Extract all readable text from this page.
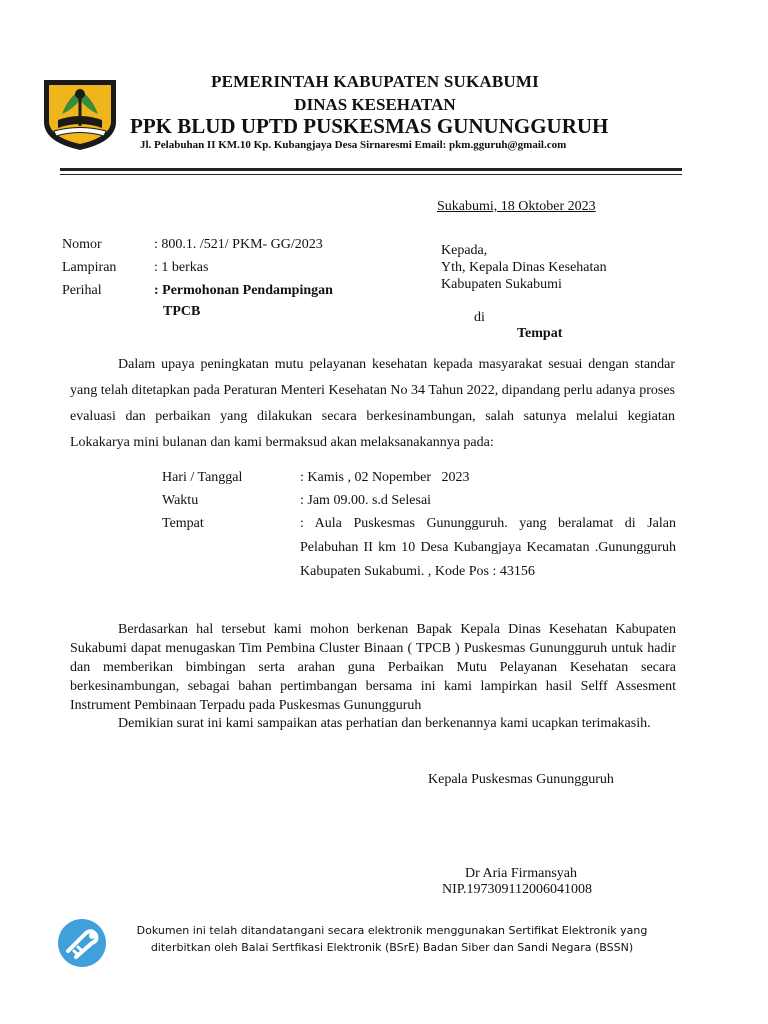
PEMERINTAH KABUPATEN SUKABUMI
DINAS KESEHATAN
PPK BLUD UPTD PUSKESMAS GUNUNGGURUH
Jl. Pelabuhan II KM.10 Kp. Kubangjaya Desa Sirnaresmi Email: pkm.gguruh@gmail.com
Sukabumi, 18 Oktober 2023
Nomor	: 800.1. /521/ PKM- GG/2023
Lampiran	: 1 berkas
Perihal	: Permohonan Pendampingan
TPCB
Kepada,
Yth, Kepala Dinas Kesehatan
Kabupaten Sukabumi
di
Tempat
Dalam upaya peningkatan mutu pelayanan kesehatan kepada masyarakat sesuai dengan standar yang telah ditetapkan pada Peraturan Menteri Kesehatan No 34 Tahun 2022, dipandang perlu adanya proses evaluasi dan perbaikan yang dilakukan secara berkesinambungan, salah satunya melalui kegiatan Lokakarya mini bulanan dan kami bermaksud akan melaksanakannya pada:
Hari / Tanggal	: Kamis , 02 Nopember   2023
Waktu	: Jam 09.00. s.d Selesai
Tempat	: Aula Puskesmas Gunungguruh. yang beralamat di Jalan Pelabuhan II km 10 Desa Kubangjaya Kecamatan .Gunungguruh Kabupaten Sukabumi. , Kode Pos : 43156
Berdasarkan hal tersebut kami mohon berkenan Bapak Kepala Dinas Kesehatan Kabupaten Sukabumi dapat menugaskan Tim Pembina Cluster Binaan ( TPCB ) Puskesmas Gunungguruh untuk hadir dan memberikan bimbingan serta arahan guna Perbaikan Mutu Pelayanan Kesehatan secara berkesinambungan, sebagai bahan pertimbangan bersama ini kami lampirkan hasil Selff Assesment Instrument Pembinaan Terpadu pada Puskesmas Gunungguruh
Demikian surat ini kami sampaikan atas perhatian dan berkenannya kami ucapkan terimakasih.
Kepala Puskesmas Gunungguruh
Dr Aria Firmansyah
NIP.197309112006041008
Dokumen ini telah ditandatangani secara elektronik menggunakan Sertifikat Elektronik yang
diterbitkan oleh Balai Sertfikasi Elektronik (BSrE) Badan Siber dan Sandi Negara (BSSN)
